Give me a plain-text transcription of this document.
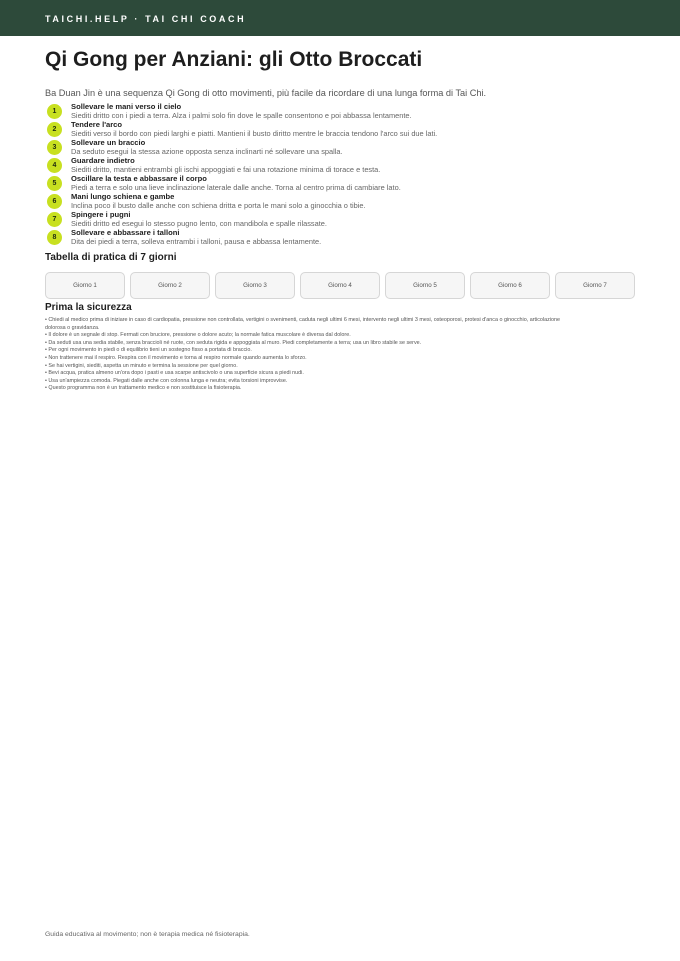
TAICHI.HELP · TAI CHI COACH
Qi Gong per Anziani: gli Otto Broccati

Ba Duan Jin è una sequenza Qi Gong di otto movimenti, più facile da ricordare di una lunga forma di Tai Chi.

1
Sollevare le mani verso il cielo
Siediti dritto con i piedi a terra. Alza i palmi solo fin dove le spalle consentono e poi abbassa lentamente.
2
Tendere l'arco
Siediti verso il bordo con piedi larghi e piatti. Mantieni il busto diritto mentre le braccia tendono l'arco sui due lati.
3
Sollevare un braccio
Da seduto esegui la stessa azione opposta senza inclinarti né sollevare una spalla.
4
Guardare indietro
Siediti dritto, mantieni entrambi gli ischi appoggiati e fai una rotazione minima di torace e testa.
5
Oscillare la testa e abbassare il corpo
Piedi a terra e solo una lieve inclinazione laterale dalle anche. Torna al centro prima di cambiare lato.
6
Mani lungo schiena e gambe
Inclina poco il busto dalle anche con schiena dritta e porta le mani solo a ginocchia o tibie.
7
Spingere i pugni
Siediti dritto ed esegui lo stesso pugno lento, con mandibola e spalle rilassate.
8
Sollevare e abbassare i talloni
Dita dei piedi a terra, solleva entrambi i talloni, pausa e abbassa lentamente.
Tabella di pratica di 7 giorni
Giorno 1	Giorno 2	Giorno 3	Giorno 4	Giorno 5	Giorno 6	Giorno 7
Prima la sicurezza
• Chiedi al medico prima di iniziare in caso di cardiopatia, pressione non controllata, vertigini o svenimenti, caduta negli ultimi 6 mesi, intervento negli ultimi 3 mesi, osteoporosi, protesi d'anca o ginocchio, articolazione
dolorosa o gravidanza.
• Il dolore è un segnale di stop. Fermati con bruciore, pressione o dolore acuto; la normale fatica muscolare è diversa dal dolore.
• Da seduti usa una sedia stabile, senza braccioli né ruote, con seduta rigida e appoggiata al muro. Piedi completamente a terra; usa un libro stabile se serve.
• Per ogni movimento in piedi o di equilibrio tieni un sostegno fisso a portata di braccio.
• Non trattenere mai il respiro. Respira con il movimento e torna al respiro normale quando aumenta lo sforzo.
• Se hai vertigini, siediti, aspetta un minuto e termina la sessione per quel giorno.
• Bevi acqua, pratica almeno un'ora dopo i pasti e usa scarpe antiscivolo o una superficie sicura a piedi nudi.
• Usa un'ampiezza comoda. Piegati dalle anche con colonna lunga e neutra; evita torsioni improvvise.
• Questo programma non è un trattamento medico e non sostituisce la fisioterapia.

Guida educativa al movimento; non è terapia medica né fisioterapia.
